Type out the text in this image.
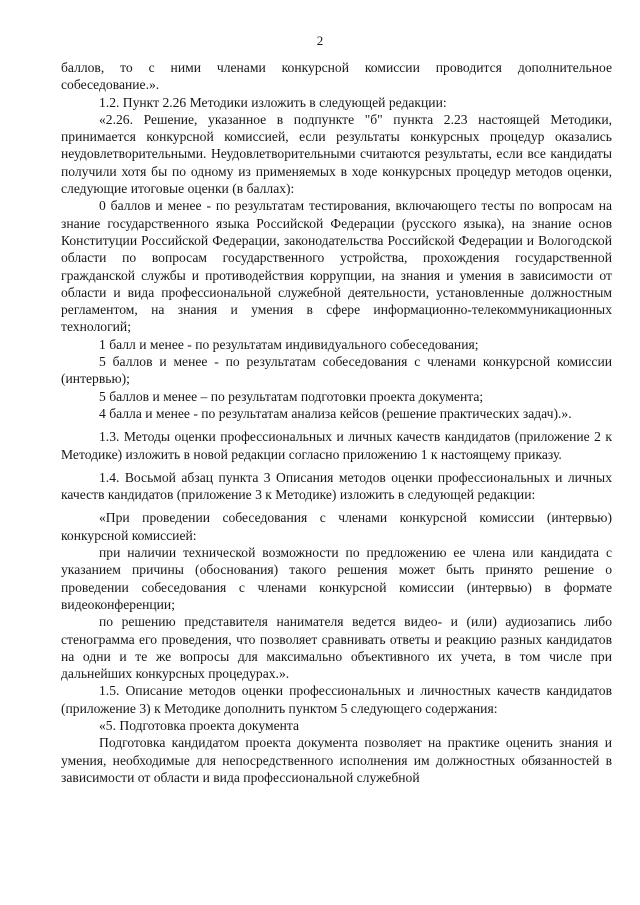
2

баллов, то с ними членами конкурсной комиссии проводится дополнительное собеседование.».

1.2. Пункт 2.26 Методики изложить в следующей редакции:

«2.26. Решение, указанное в подпункте "б" пункта 2.23 настоящей Методики, принимается конкурсной комиссией, если результаты конкурсных процедур оказались неудовлетворительными. Неудовлетворительными считаются результаты, если все кандидаты получили хотя бы по одному из применяемых в ходе конкурсных процедур методов оценки, следующие итоговые оценки (в баллах):

0 баллов и менее - по результатам тестирования, включающего тесты по вопросам на знание государственного языка Российской Федерации (русского языка), на знание основ Конституции Российской Федерации, законодательства Российской Федерации и Вологодской области по вопросам государственного устройства, прохождения государственной гражданской службы и противодействия коррупции, на знания и умения в зависимости от области и вида профессиональной служебной деятельности, установленные должностным регламентом, на знания и умения в сфере информационно-телекоммуникационных технологий;

1 балл и менее - по результатам индивидуального собеседования;

5 баллов и менее - по результатам собеседования с членами конкурсной комиссии (интервью);

5 баллов и менее – по результатам подготовки проекта документа;

4 балла и менее - по результатам анализа кейсов (решение практических задач).».

1.3. Методы оценки профессиональных и личных качеств кандидатов (приложение 2 к Методике) изложить в новой редакции согласно приложению 1 к настоящему приказу.

1.4. Восьмой абзац пункта 3 Описания методов оценки профессиональных и личных качеств кандидатов (приложение 3 к Методике) изложить в следующей редакции:

«При проведении собеседования с членами конкурсной комиссии (интервью) конкурсной комиссией:

при наличии технической возможности по предложению ее члена или кандидата с указанием причины (обоснования) такого решения может быть принято решение о проведении собеседования с членами конкурсной комиссии (интервью) в формате видеоконференции;

по решению представителя нанимателя ведется видео- и (или) аудиозапись либо стенограмма его проведения, что позволяет сравнивать ответы и реакцию разных кандидатов на одни и те же вопросы для максимально объективного их учета, в том числе при дальнейших конкурсных процедурах.».

1.5. Описание методов оценки профессиональных и личностных качеств кандидатов (приложение 3) к Методике дополнить пунктом 5 следующего содержания:

«5. Подготовка проекта документа

Подготовка кандидатом проекта документа позволяет на практике оценить знания и умения, необходимые для непосредственного исполнения им должностных обязанностей в зависимости от области и вида профессиональной служебной
